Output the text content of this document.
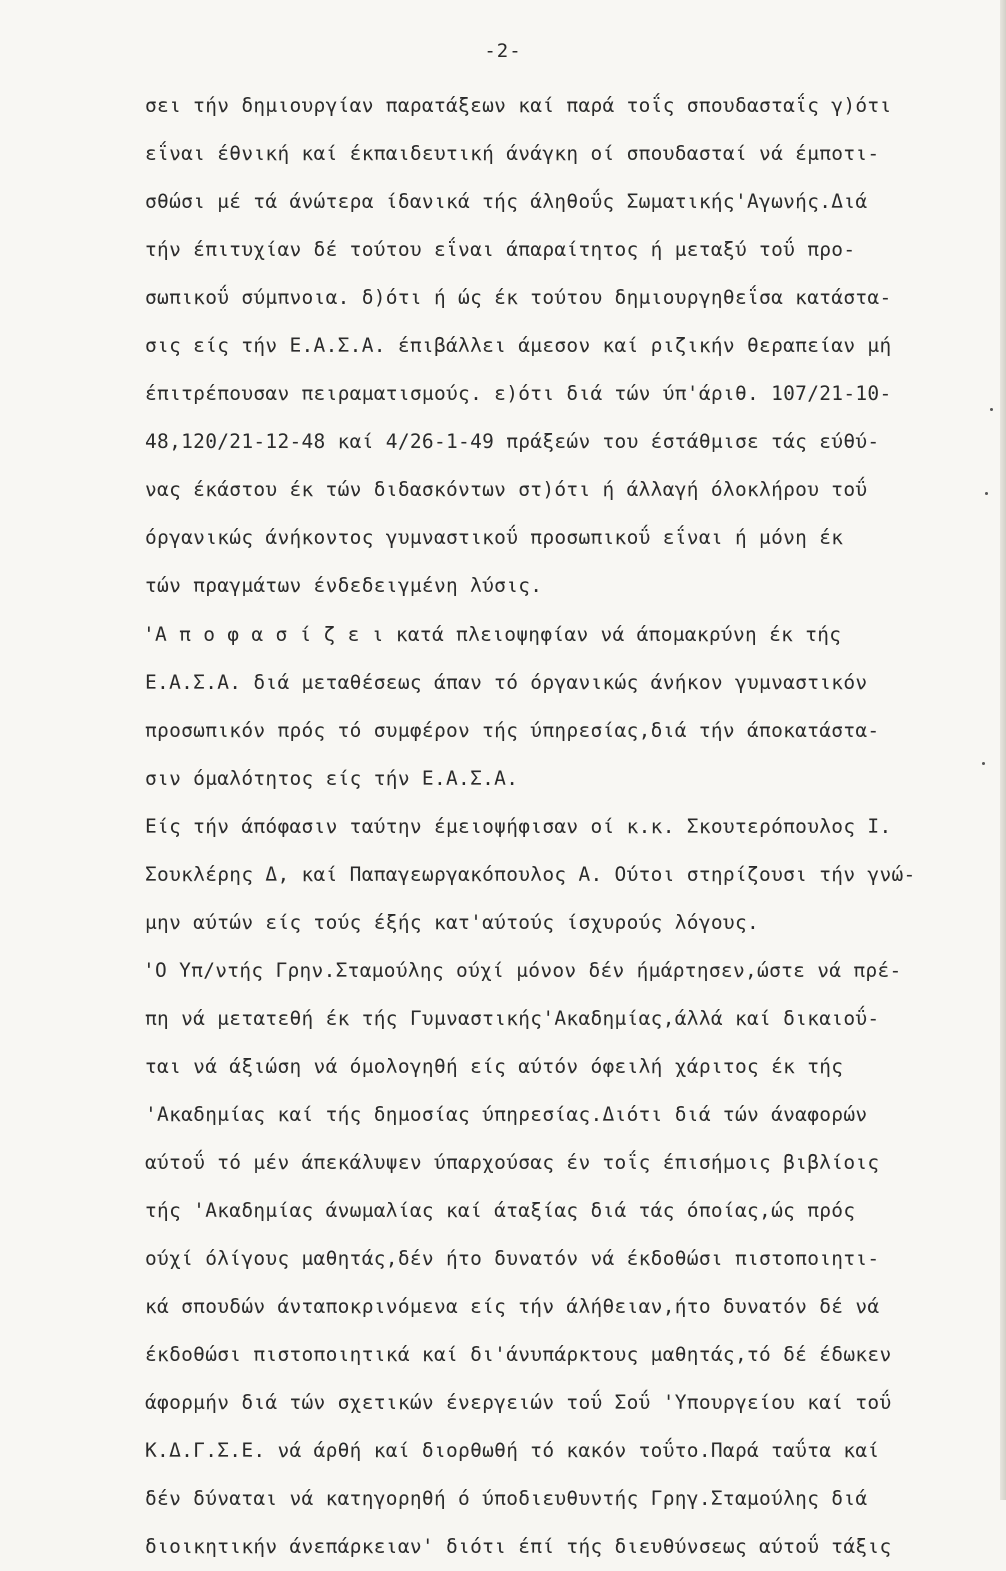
-2-
σει τήν δημιουργίαν παρατάξεων καί παρά τοΐς σπουδασταΐς γ)ότι
εΐναι έθνική καί έκπαιδευτική άνάγκη οί σπουδασταί νά έμποτι-
σθώσι μέ τά άνώτερα ίδανικά τής άληθοΰς Σωματικής'Αγωνής.Διά
τήν έπιτυχίαν δέ τούτου εΐναι άπαραίτητος ή μεταξύ τοΰ προ-
σωπικοΰ σύμπνοια. δ)ότι ή ώς έκ τούτου δημιουργηθεΐσα κατάστα-
σις είς τήν Ε.Α.Σ.Α. έπιβάλλει άμεσον καί ριζικήν θεραπείαν μή
έπιτρέπουσαν πειραματισμούς. ε)ότι διά τών ύπ'άριθ. 107/21-10-
48,120/21-12-48 καί 4/26-1-49 πράξεών του έστάθμισε τάς εύθύ-
νας έκάστου έκ τών διδασκόντων στ)ότι ή άλλαγή όλοκλήρου τοΰ
όργανικώς άνήκοντος γυμναστικοΰ προσωπικοΰ εΐναι ή μόνη έκ
τών πραγμάτων ένδεδειγμένη λύσις.
'Α π ο φ α σ ί ζ ε ι κατά πλειοψηφίαν νά άπομακρύνη έκ τής
Ε.Α.Σ.Α. διά μεταθέσεως άπαν τό όργανικώς άνήκον γυμναστικόν
προσωπικόν πρός τό συμφέρον τής ύπηρεσίας,διά τήν άποκατάστα-
σιν όμαλότητος είς τήν Ε.Α.Σ.Α.
Είς τήν άπόφασιν ταύτην έμειοψήφισαν οί κ.κ. Σκουτερόπουλος Ι.
Σουκλέρης Δ, καί Παπαγεωργακόπουλος Α. Ούτοι στηρίζουσι τήν γνώ-
μην αύτών είς τούς έξής κατ'αύτούς ίσχυρούς λόγους.
'Ο Υπ/ντής Γρην.Σταμούλης ούχί μόνον δέν ήμάρτησεν,ώστε νά πρέ-
πη νά μετατεθή έκ τής Γυμναστικής'Ακαδημίας,άλλά καί δικαιοΰ-
ται νά άξιώση νά όμολογηθή είς αύτόν όφειλή χάριτος έκ τής
'Ακαδημίας καί τής δημοσίας ύπηρεσίας.Διότι διά τών άναφορών
αύτοΰ τό μέν άπεκάλυψεν ύπαρχούσας έν τοΐς έπισήμοις βιβλίοις
τής 'Ακαδημίας άνωμαλίας καί άταξίας διά τάς όποίας,ώς πρός
ούχί όλίγους μαθητάς,δέν ήτο δυνατόν νά έκδοθώσι πιστοποιητι-
κά σπουδών άνταποκρινόμενα είς τήν άλήθειαν,ήτο δυνατόν δέ νά
έκδοθώσι πιστοποιητικά καί δι'άνυπάρκτους μαθητάς,τό δέ έδωκεν
άφορμήν διά τών σχετικών ένεργειών τοΰ Σοΰ 'Υπουργείου καί τοΰ
Κ.Δ.Γ.Σ.Ε. νά άρθή καί διορθωθή τό κακόν τοΰτο.Παρά ταΰτα καί
δέν δύναται νά κατηγορηθή ό ύποδιευθυντής Γρηγ.Σταμούλης διά
διοικητικήν άνεπάρκειαν' διότι έπί τής διευθύνσεως αύτοΰ τάξις
